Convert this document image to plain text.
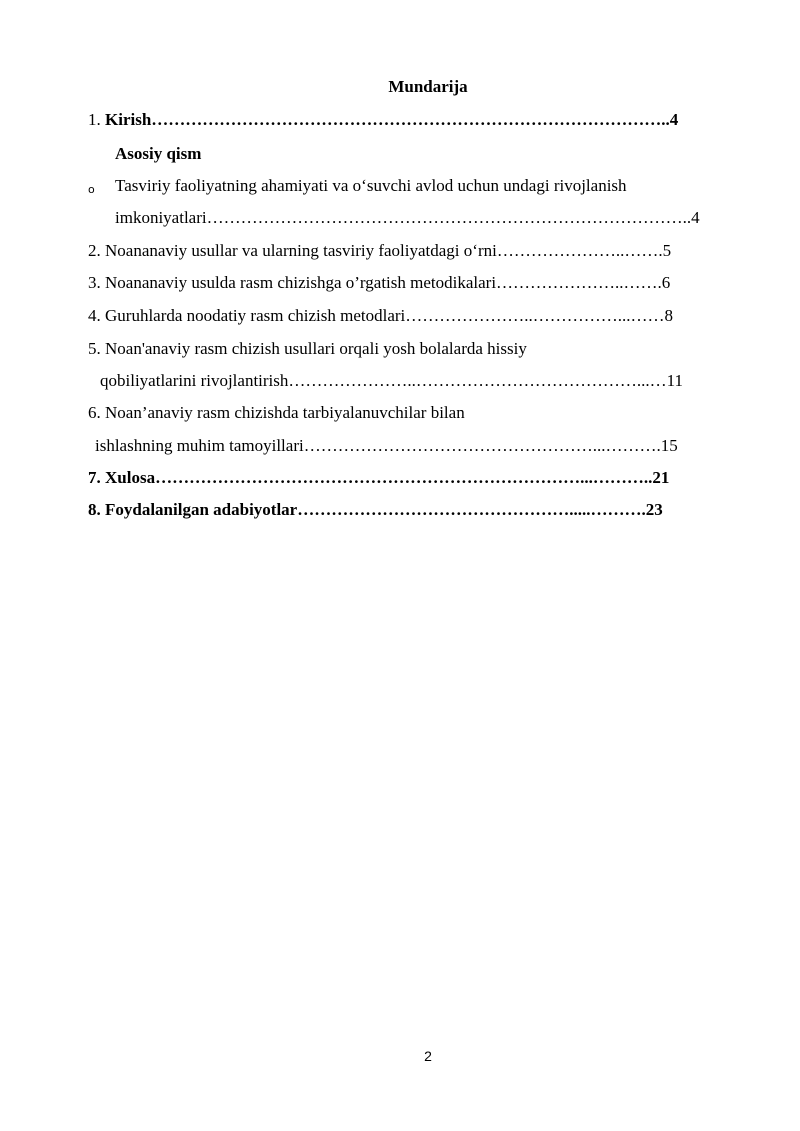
Mundarija
1. Kirish………………………………………………………………………………..4
Asosiy qism
o Tasviriy faoliyatning ahamiyati va o‘suvchi avlod uchun undagi rivojlanish
imkoniyatlari…………………………………………………………………………..4
2. Noananaviy usullar va ularning tasviriy faoliyatdagi o‘rni…………………..…….5
3. Noananaviy usulda rasm chizishga o’rgatish metodikalari…………………..…….6
4. Guruhlarda noodatiy rasm chizish metodlari…………………..……………...……8
5. Noan'anaviy rasm chizish usullari orqali yosh bolalarda hissiy
qobiliyatlarini rivojlantirish…………………..…………………………………...…11
6. Noan’anaviy rasm chizishda tarbiyalanuvchilar bilan
ishlashning muhim tamoyillari……………………………………………...……….15
7. Xulosa…………………………………………………………………...………..21
8. Foydalanilgan adabiyotlar………………………………………….....……….23
2
